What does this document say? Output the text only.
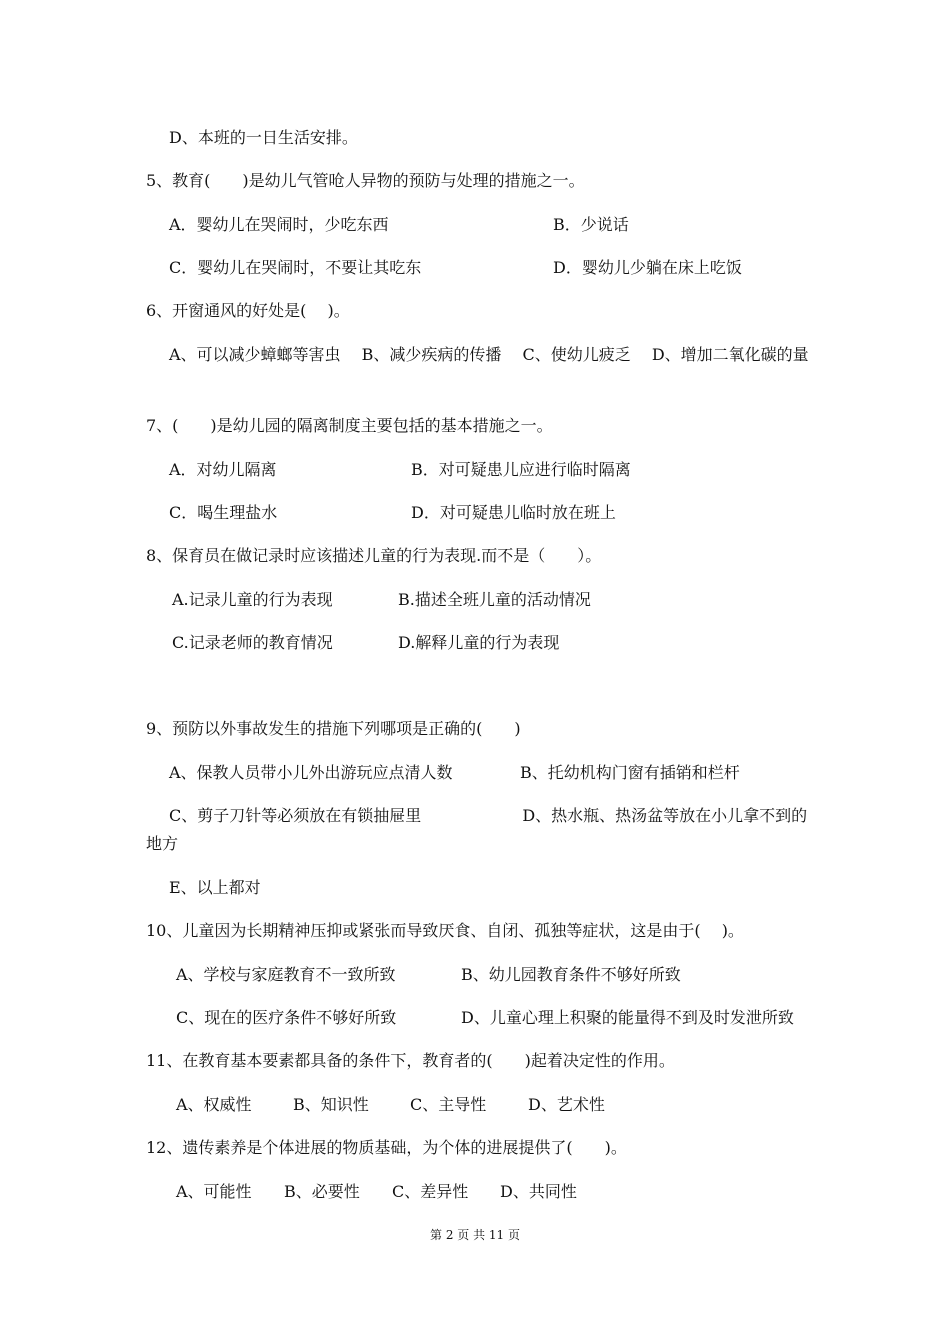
D、本班的一日生活安排。
5、教育(　　)是幼儿气管呛人异物的预防与处理的措施之一。
A．婴幼儿在哭闹时，少吃东西	B．少说话
C．婴幼儿在哭闹时，不要让其吃东	D．婴幼儿少躺在床上吃饭
6、开窗通风的好处是(　 )。
A、可以减少蟑螂等害虫　 B、减少疾病的传播　 C、使幼儿疲乏　 D、增加二氧化碳的量
7、(　　)是幼儿园的隔离制度主要包括的基本措施之一。
A．对幼儿隔离	B．对可疑患儿应进行临时隔离
C．喝生理盐水	D．对可疑患儿临时放在班上
8、保育员在做记录时应该描述儿童的行为表现.而不是（　　）。
A.记录儿童的行为表现	B.描述全班儿童的活动情况
C.记录老师的教育情况	D.解释儿童的行为表现
9、预防以外事故发生的措施下列哪项是正确的(　　)
A、保教人员带小儿外出游玩应点清人数	B、托幼机构门窗有插销和栏杆
C、剪子刀针等必须放在有锁抽屉里　　　　　　 D、热水瓶、热汤盆等放在小儿拿不到的地方
E、以上都对
10、儿童因为长期精神压抑或紧张而导致厌食、自闭、孤独等症状，这是由于(　 )。
A、学校与家庭教育不一致所致	B、幼儿园教育条件不够好所致
C、现在的医疗条件不够好所致	D、儿童心理上积聚的能量得不到及时发泄所致
11、在教育基本要素都具备的条件下，教育者的(　　)起着决定性的作用。
A、权威性	B、知识性	C、主导性	D、艺术性
12、遗传素养是个体进展的物质基础，为个体的进展提供了(　　)。
A、可能性 B、必要性 C、差异性 D、共同性
第 2 页 共 11 页
